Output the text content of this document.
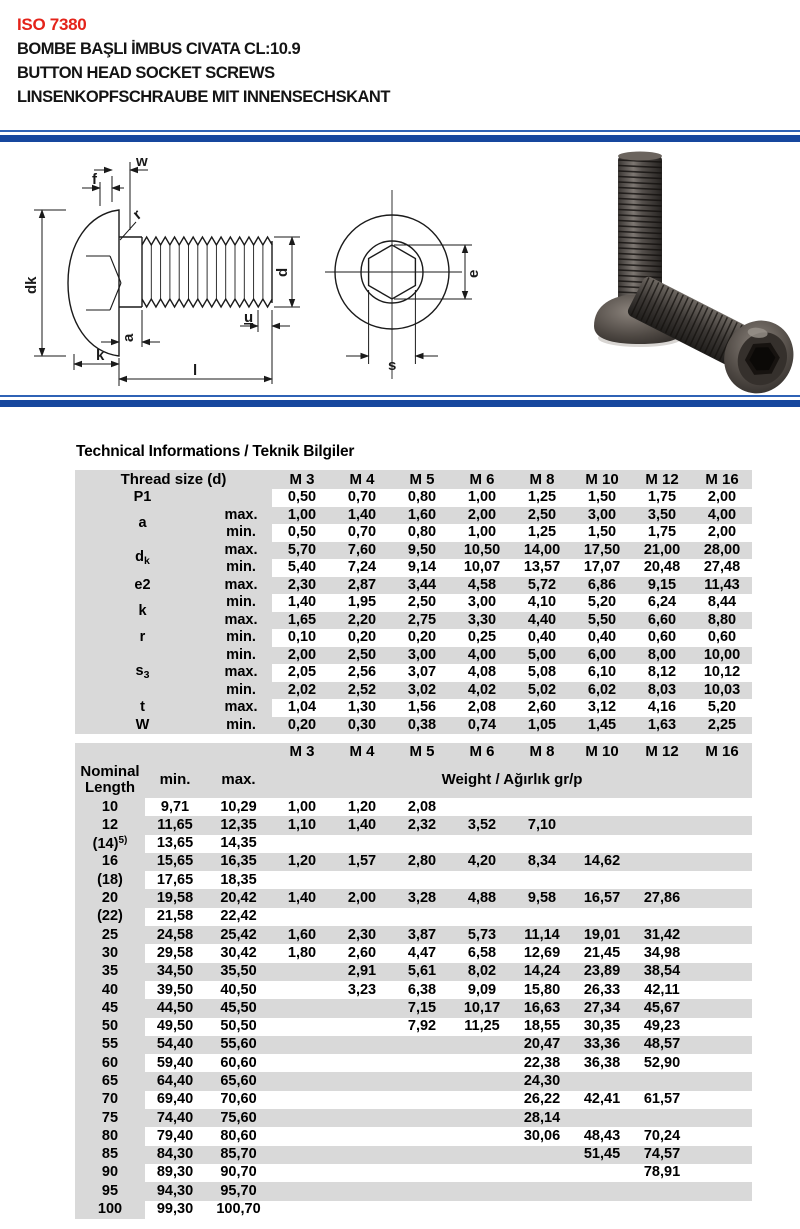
ISO 7380
BOMBE BAŞLI İMBUS CIVATA CL:10.9
BUTTON HEAD SOCKET SCREWS
LINSENKOPFSCHRAUBE MIT INNENSECHSKANT
w
f
r
dk
d
u
a
k
l
e
s
Technical Informations / Teknik Bilgiler
Thread size (d)		M 3	M 4	M 5	M 6	M 8	M 10	M 12	M 16
P1		0,50	0,70	0,80	1,00	1,25	1,50	1,75	2,00
a	max.	1,00	1,40	1,60	2,00	2,50	3,00	3,50	4,00
	min.	0,50	0,70	0,80	1,00	1,25	1,50	1,75	2,00
$d_k$	max.	5,70	7,60	9,50	10,50	14,00	17,50	21,00	28,00
	min.	5,40	7,24	9,14	10,07	13,57	17,07	20,48	27,48
e2	max.	2,30	2,87	3,44	4,58	5,72	6,86	9,15	11,43
k	min.	1,40	1,95	2,50	3,00	4,10	5,20	6,24	8,44
	max.	1,65	2,20	2,75	3,30	4,40	5,50	6,60	8,80
r	min.	0,10	0,20	0,20	0,25	0,40	0,40	0,60	0,60
$s_3$	min.	2,00	2,50	3,00	4,00	5,00	6,00	8,00	10,00
	max.	2,05	2,56	3,07	4,08	5,08	6,10	8,12	10,12
	min.	2,02	2,52	3,02	4,02	5,02	6,02	8,03	10,03
t	max.	1,04	1,30	1,56	2,08	2,60	3,12	4,16	5,20
W	min.	0,20	0,30	0,38	0,74	1,05	1,45	1,63	2,25
			M 3	M 4	M 5	M 6	M 8	M 10	M 12	M 16
Nominal
Length	min.	max.	Weight / Ağırlık gr/p							
10	9,71	10,29	1,00	1,20	2,08					
12	11,65	12,35	1,10	1,40	2,32	3,52	7,10			
$(14)^{5)}$	13,65	14,35								
16	15,65	16,35	1,20	1,57	2,80	4,20	8,34	14,62		
(18)	17,65	18,35								
20	19,58	20,42	1,40	2,00	3,28	4,88	9,58	16,57	27,86	
(22)	21,58	22,42								
25	24,58	25,42	1,60	2,30	3,87	5,73	11,14	19,01	31,42	
30	29,58	30,42	1,80	2,60	4,47	6,58	12,69	21,45	34,98	
35	34,50	35,50		2,91	5,61	8,02	14,24	23,89	38,54	
40	39,50	40,50		3,23	6,38	9,09	15,80	26,33	42,11	
45	44,50	45,50			7,15	10,17	16,63	27,34	45,67	
50	49,50	50,50			7,92	11,25	18,55	30,35	49,23	
55	54,40	55,60					20,47	33,36	48,57	
60	59,40	60,60					22,38	36,38	52,90	
65	64,40	65,60					24,30			
70	69,40	70,60					26,22	42,41	61,57	
75	74,40	75,60					28,14			
80	79,40	80,60					30,06	48,43	70,24	
85	84,30	85,70						51,45	74,57	
90	89,30	90,70							78,91	
95	94,30	95,70								
100	99,30	100,70								
